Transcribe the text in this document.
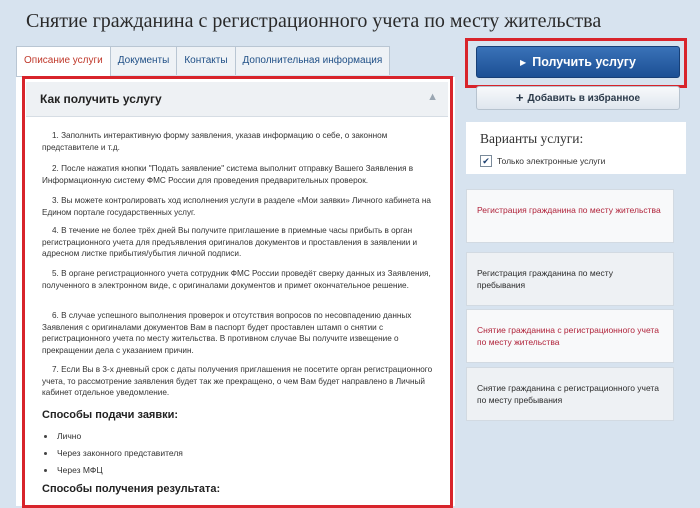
Снятие гражданина с регистрационного учета по месту жительства
Описание услуги	Документы	Контакты	Дополнительная информация
Как получить услугу	▲
1. Заполнить интерактивную форму заявления, указав информацию о себе, о законном представителе и т.д.
2. После нажатия кнопки "Подать заявление" система выполнит отправку Вашего Заявления в Информационную систему ФМС России для проведения предварительных проверок.
3. Вы можете контролировать ход исполнения услуги в разделе «Мои заявки» Личного кабинета на Едином портале государственных услуг.
4. В течение не более трёх дней Вы получите приглашение в приемные часы прибыть в орган регистрационного учета для предъявления оригиналов документов и проставления в заявлении и адресном листке прибытия/убытия личной подписи.
5. В органе регистрационного учета сотрудник ФМС России проведёт сверку данных из Заявления, полученного в электронном виде, с оригиналами документов и примет окончательное решение.
6. В случае успешного выполнения проверок и отсутствия вопросов по несовпадению данных Заявления с оригиналами документов Вам в паспорт будет проставлен штамп о снятии с регистрационного учета по месту жительства. В противном случае Вы получите извещение о прекращении дела с указанием причин.
7. Если Вы в 3-х дневный срок с даты получения приглашения не посетите орган регистрационного учета, то рассмотрение заявления будет так же прекращено, о чем Вам будет направлено в Личный кабинет отдельное уведомление.
Способы подачи заявки:
Лично
Через законного представителя
Через МФЦ
Способы получения результата:
▶ Получить услугу
+ Добавить в избранное
Варианты услуги:
✔ Только электронные услуги
Регистрация гражданина по месту жительства
Регистрация гражданина по месту пребывания
Снятие гражданина с регистрационного учета по месту жительства
Снятие гражданина с регистрационного учета по месту пребывания
